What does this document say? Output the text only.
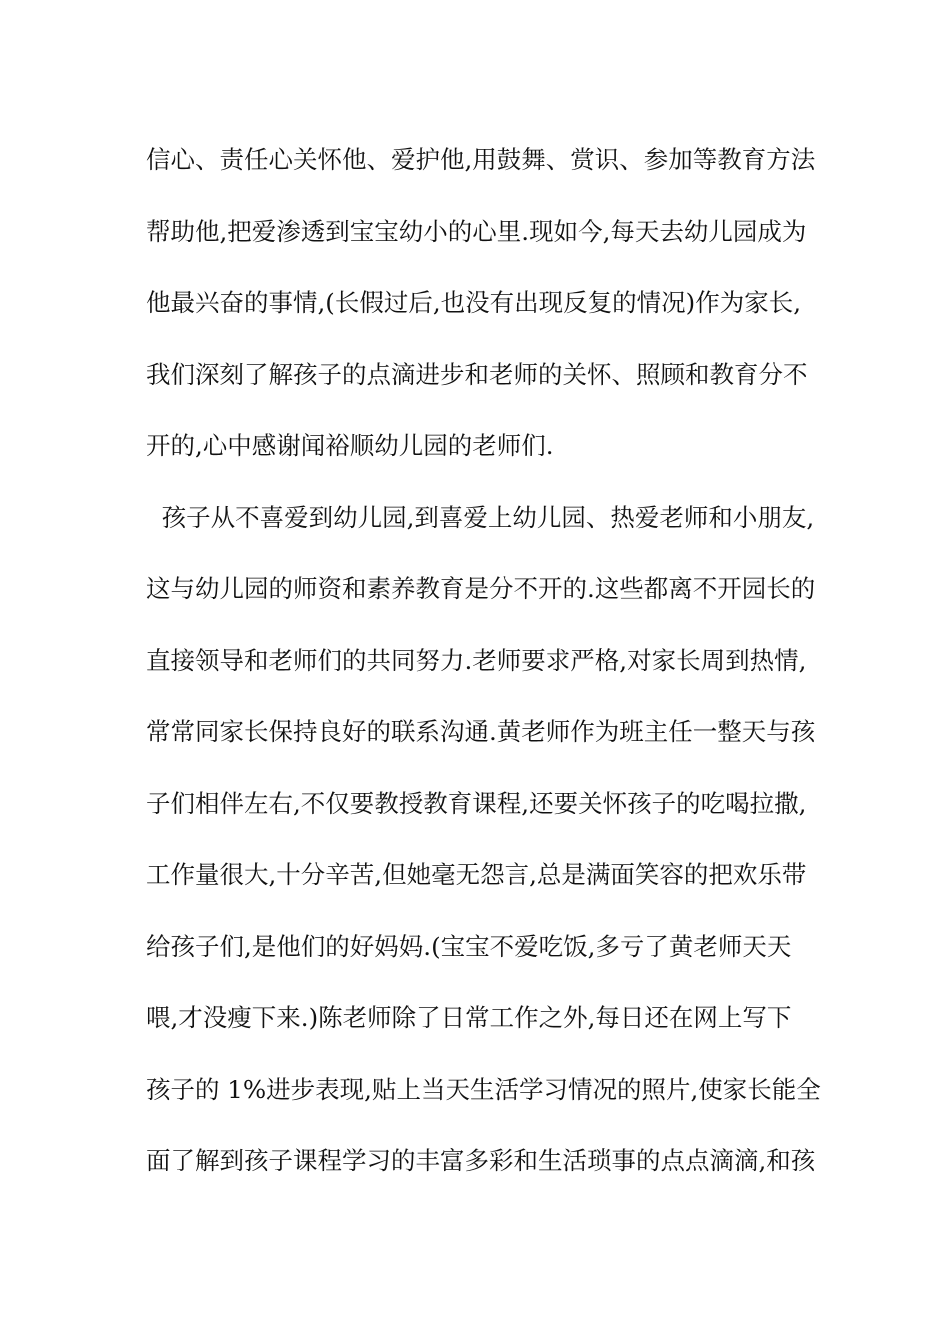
信心、责任心关怀他、爱护他,用鼓舞、赏识、参加等教育方法
帮助他,把爱渗透到宝宝幼小的心里.现如今,每天去幼儿园成为
他最兴奋的事情,(长假过后,也没有出现反复的情况)作为家长,
我们深刻了解孩子的点滴进步和老师的关怀、照顾和教育分不
开的,心中感谢闻裕顺幼儿园的老师们.
孩子从不喜爱到幼儿园,到喜爱上幼儿园、热爱老师和小朋友,
这与幼儿园的师资和素养教育是分不开的.这些都离不开园长的
直接领导和老师们的共同努力.老师要求严格,对家长周到热情,
常常同家长保持良好的联系沟通.黄老师作为班主任一整天与孩
子们相伴左右,不仅要教授教育课程,还要关怀孩子的吃喝拉撒,
工作量很大,十分辛苦,但她毫无怨言,总是满面笑容的把欢乐带
给孩子们,是他们的好妈妈.(宝宝不爱吃饭,多亏了黄老师天天
喂,才没瘦下来.)陈老师除了日常工作之外,每日还在网上写下
孩子的 1%进步表现,贴上当天生活学习情况的照片,使家长能全
面了解到孩子课程学习的丰富多彩和生活琐事的点点滴滴,和孩
